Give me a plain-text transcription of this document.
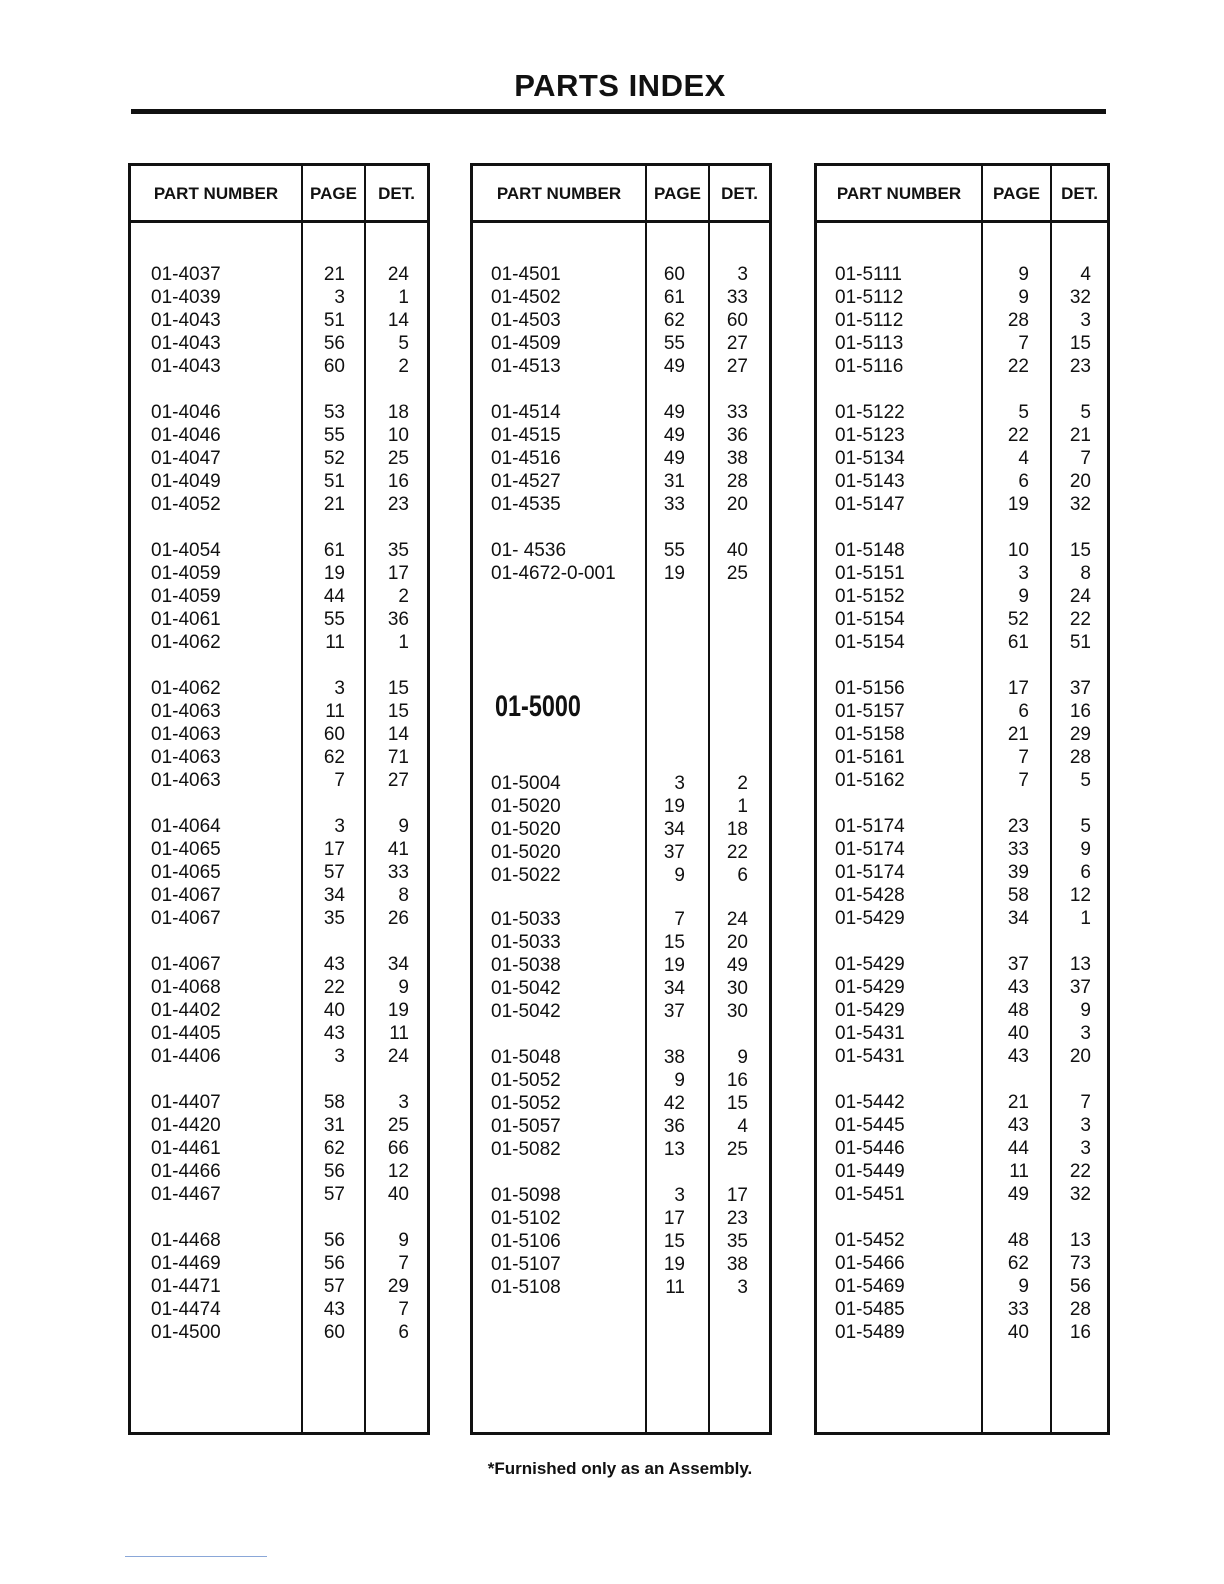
PARTS INDEX
PART NUMBER	PAGE	DET.
01-4037	21 24
01-4039	3	1
01-4043	51 14
01-4043	56	5
01-4043	60	2
01-4046	53 18
01-4046	55 10
01-4047	52 25
01-4049	51 16
01-4052	21 23
01-4054	61 35
01-4059	19 17
01-4059	44	2
01-4061	55 36
01-4062	11	1
01-4062	3 15
01-4063	11 15
01-4063	60 14
01-4063	62 71
01-4063	7 27
01-4064	3	9
01-4065	17 41
01-4065	57 33
01-4067	34	8
01-4067	35 26
01-4067	43 34
01-4068	22	9
01-4402	40 19
01-4405	43 11
01-4406	3 24
01-4407	58	3
01-4420	31 25
01-4461	62 66
01-4466	56 12
01-4467	57 40
01-4468	56	9
01-4469	56	7
01-4471	57 29
01-4474	43	7
01-4500	60	6
PART NUMBER	PAGE	DET.
01-5000
01-4501	60	3
01-4502	61 33
01-4503	62 60
01-4509	55 27
01-4513	49 27
01-4514	49 33
01-4515	49 36
01-4516	49 38
01-4527	31 28
01-4535	33 20
01- 4536	55 40
01-4672-0-001	19 25
01-5004	3	2
01-5020	19	1
01-5020	34 18
01-5020	37 22
01-5022	9	6
01-5033	7 24
01-5033	15 20
01-5038	19 49
01-5042	34 30
01-5042	37 30
01-5048	38	9
01-5052	9 16
01-5052	42 15
01-5057	36	4
01-5082	13 25
01-5098	3 17
01-5102	17 23
01-5106	15 35
01-5107	19 38
01-5108	11	3
PART NUMBER	PAGE	DET.
01-5111	9	4
01-5112	9 32
01-5112	28	3
01-5113	7 15
01-5116	22 23
01-5122	5	5
01-5123	22 21
01-5134	4	7
01-5143	6 20
01-5147	19 32
01-5148	10 15
01-5151	3	8
01-5152	9 24
01-5154	52 22
01-5154	61 51
01-5156	17 37
01-5157	6 16
01-5158	21 29
01-5161	7 28
01-5162	7	5
01-5174	23	5
01-5174	33	9
01-5174	39	6
01-5428	58 12
01-5429	34	1
01-5429	37 13
01-5429	43 37
01-5429	48	9
01-5431	40	3
01-5431	43 20
01-5442	21	7
01-5445	43	3
01-5446	44	3
01-5449	11 22
01-5451	49 32
01-5452	48 13
01-5466	62 73
01-5469	9 56
01-5485	33 28
01-5489	40 16
*Furnished only as an Assembly.
